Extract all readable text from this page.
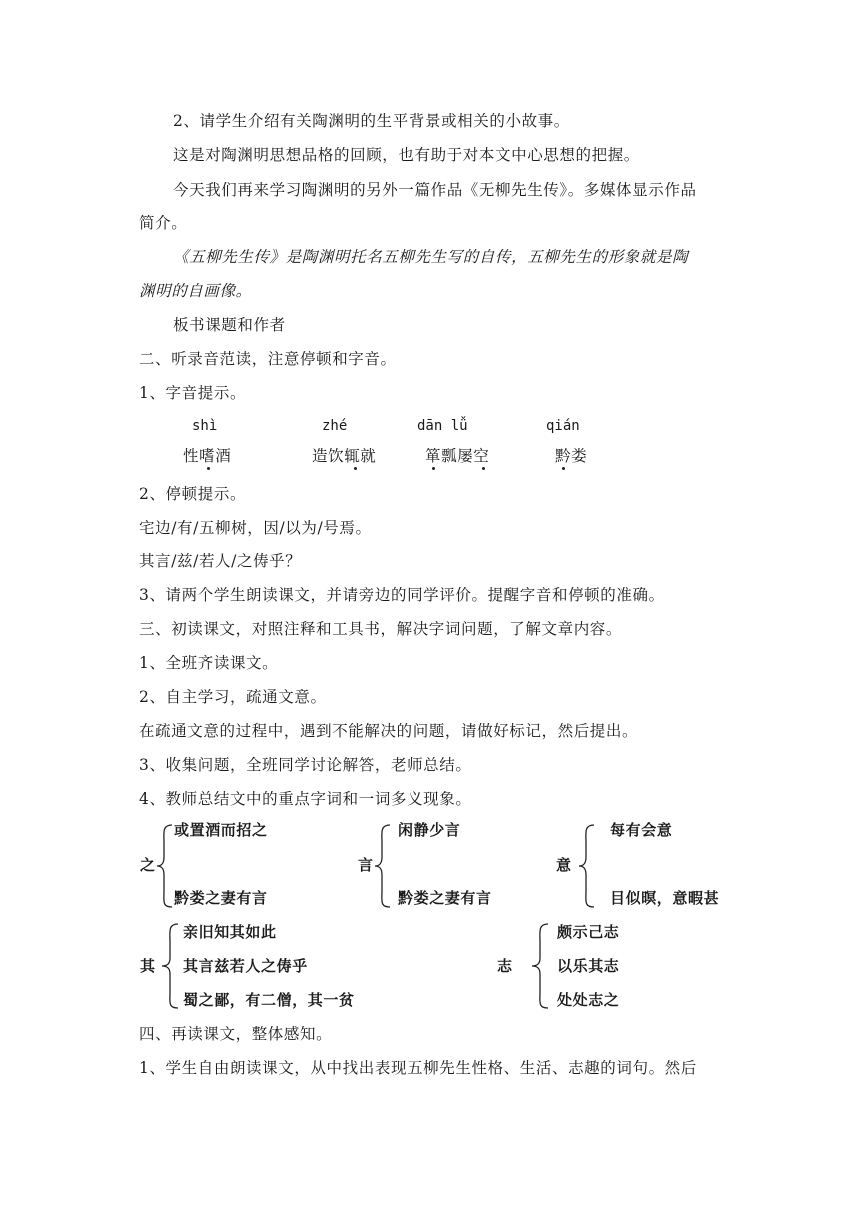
2、请学生介绍有关陶渊明的生平背景或相关的小故事。
这是对陶渊明思想品格的回顾，也有助于对本文中心思想的把握。
今天我们再来学习陶渊明的另外一篇作品《无柳先生传》。多媒体显示作品
简介。
《五柳先生传》是陶渊明托名五柳先生写的自传，五柳先生的形象就是陶
渊明的自画像。
板书课题和作者
二、听录音范读，注意停顿和字音。
1、字音提示。
shì	zhé	dān lǚ	qián
性嗜酒	造饮辄就	箪瓢屡空	黔娄
2、停顿提示。
宅边/有/五柳树，因/以为/号焉。
其言/兹/若人/之俦乎？
3、请两个学生朗读课文，并请旁边的同学评价。提醒字音和停顿的准确。
三、初读课文，对照注释和工具书，解决字词问题，了解文章内容。
1、全班齐读课文。
2、自主学习，疏通文意。
在疏通文意的过程中，遇到不能解决的问题，请做好标记，然后提出。
3、收集问题，全班同学讨论解答，老师总结。
4、教师总结文中的重点字词和一词多义现象。
之
或置酒而招之
黔娄之妻有言
言
闲静少言
黔娄之妻有言
意
每有会意
目似暝，意暇甚
其
亲旧知其如此
其言兹若人之俦乎
蜀之鄙，有二僧，其一贫
志
颇示己志
以乐其志
处处志之
四、再读课文，整体感知。
1、学生自由朗读课文，从中找出表现五柳先生性格、生活、志趣的词句。然后
